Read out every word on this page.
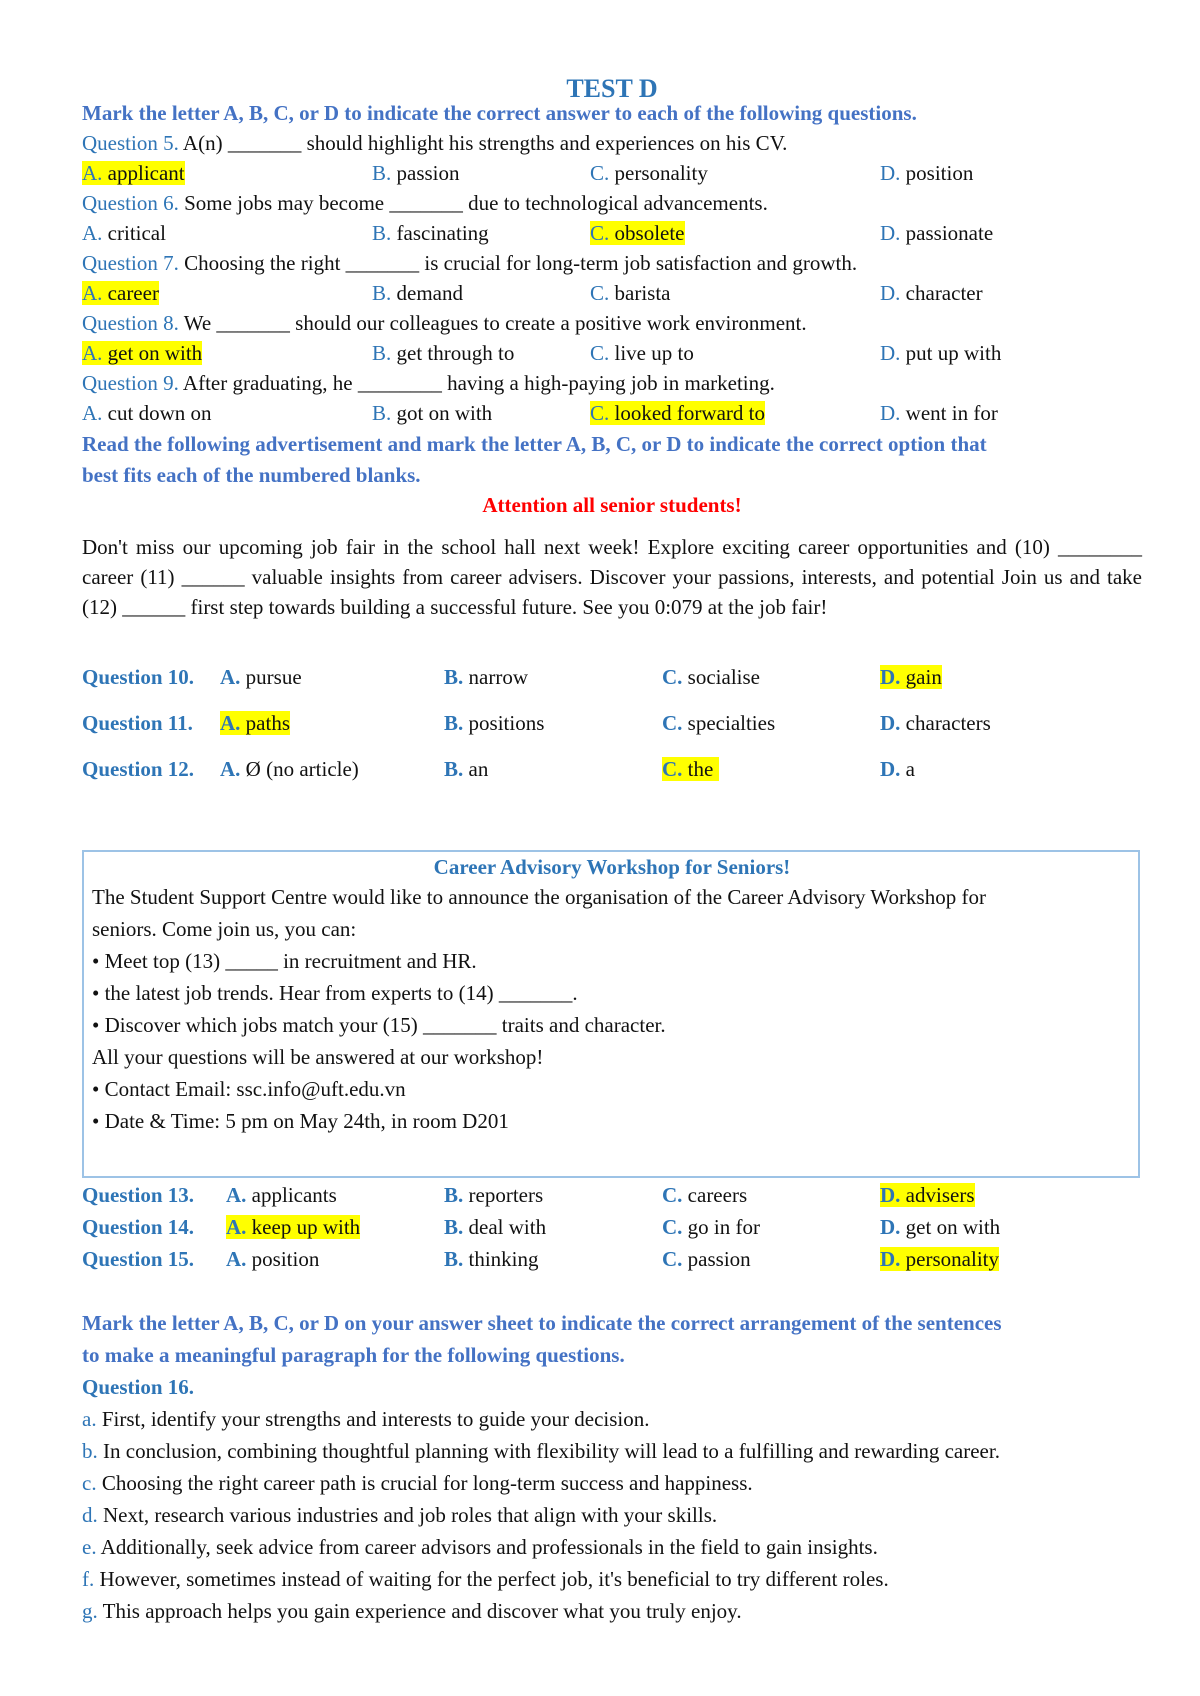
TEST D
Mark the letter A, B, C, or D to indicate the correct answer to each of the following questions.
Question 5. A(n) _______ should highlight his strengths and experiences on his CV.
A. applicant	B. passion	C. personality	D. position
Question 6. Some jobs may become _______ due to technological advancements.
A. critical	B. fascinating	C. obsolete	D. passionate
Question 7. Choosing the right _______ is crucial for long-term job satisfaction and growth.
A. career	B. demand	C. barista	D. character
Question 8. We _______ should our colleagues to create a positive work environment.
A. get on with	B. get through to	C. live up to	D. put up with
Question 9. After graduating, he ________ having a high-paying job in marketing.
A. cut down on	B. got on with	C. looked forward to	D. went in for
Read the following advertisement and mark the letter A, B, C, or D to indicate the correct option that
best fits each of the numbered blanks.
Attention all senior students!
Don't miss our upcoming job fair in the school hall next week! Explore exciting career opportunities and (10) ________ career (11) ______ valuable insights from career advisers. Discover your passions, interests, and potential Join us and take (12) ______ first step towards building a successful future. See you 0:079 at the job fair!
Question 10. A. pursue	B. narrow	C. socialise	D. gain
Question 11. A. paths	B. positions	C. specialties	D. characters
Question 12. A. Ø (no article)	B. an	C. the	D. a
Career Advisory Workshop for Seniors!
The Student Support Centre would like to announce the organisation of the Career Advisory Workshop for
seniors. Come join us, you can:
• Meet top (13) _____ in recruitment and HR.
• the latest job trends. Hear from experts to (14) _______.
• Discover which jobs match your (15) _______ traits and character.
All your questions will be answered at our workshop!
• Contact Email: ssc.info@uft.edu.vn
• Date & Time: 5 pm on May 24th, in room D201
Question 13. A. applicants	B. reporters	C. careers	D. advisers
Question 14. A. keep up with	B. deal with	C. go in for	D. get on with
Question 15. A. position	B. thinking	C. passion	D. personality
Mark the letter A, B, C, or D on your answer sheet to indicate the correct arrangement of the sentences
to make a meaningful paragraph for the following questions.
Question 16.
a. First, identify your strengths and interests to guide your decision.
b. In conclusion, combining thoughtful planning with flexibility will lead to a fulfilling and rewarding career.
c. Choosing the right career path is crucial for long-term success and happiness.
d. Next, research various industries and job roles that align with your skills.
e. Additionally, seek advice from career advisors and professionals in the field to gain insights.
f. However, sometimes instead of waiting for the perfect job, it's beneficial to try different roles.
g. This approach helps you gain experience and discover what you truly enjoy.
